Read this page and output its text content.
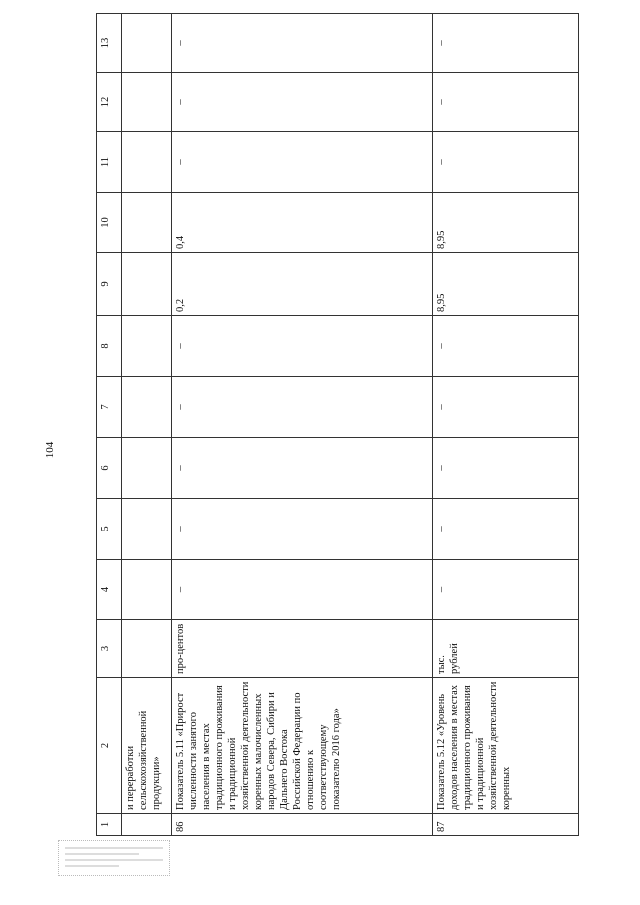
104
1	2	3	4	5	6	7	8	9	10	11	12	13
	и переработки сельскохозяйственной продукции»											
86	Показатель 5.11 «Прирост численности занятого населения в местах традиционного проживания и традиционной хозяйственной деятельности коренных малочисленных народов Севера, Сибири и Дальнего Востока Российской Федерации по отношению к соответствующему показателю 2016 года»	про-центов	–	–	–	–	–	0,2	0,4	–	–	–
87	Показатель 5.12 «Уровень доходов населения в местах традиционного проживания и традиционной хозяйственной деятельности коренных	тыс. рублей	–	–	–	–	–	8,95	8,95	–	–	–
